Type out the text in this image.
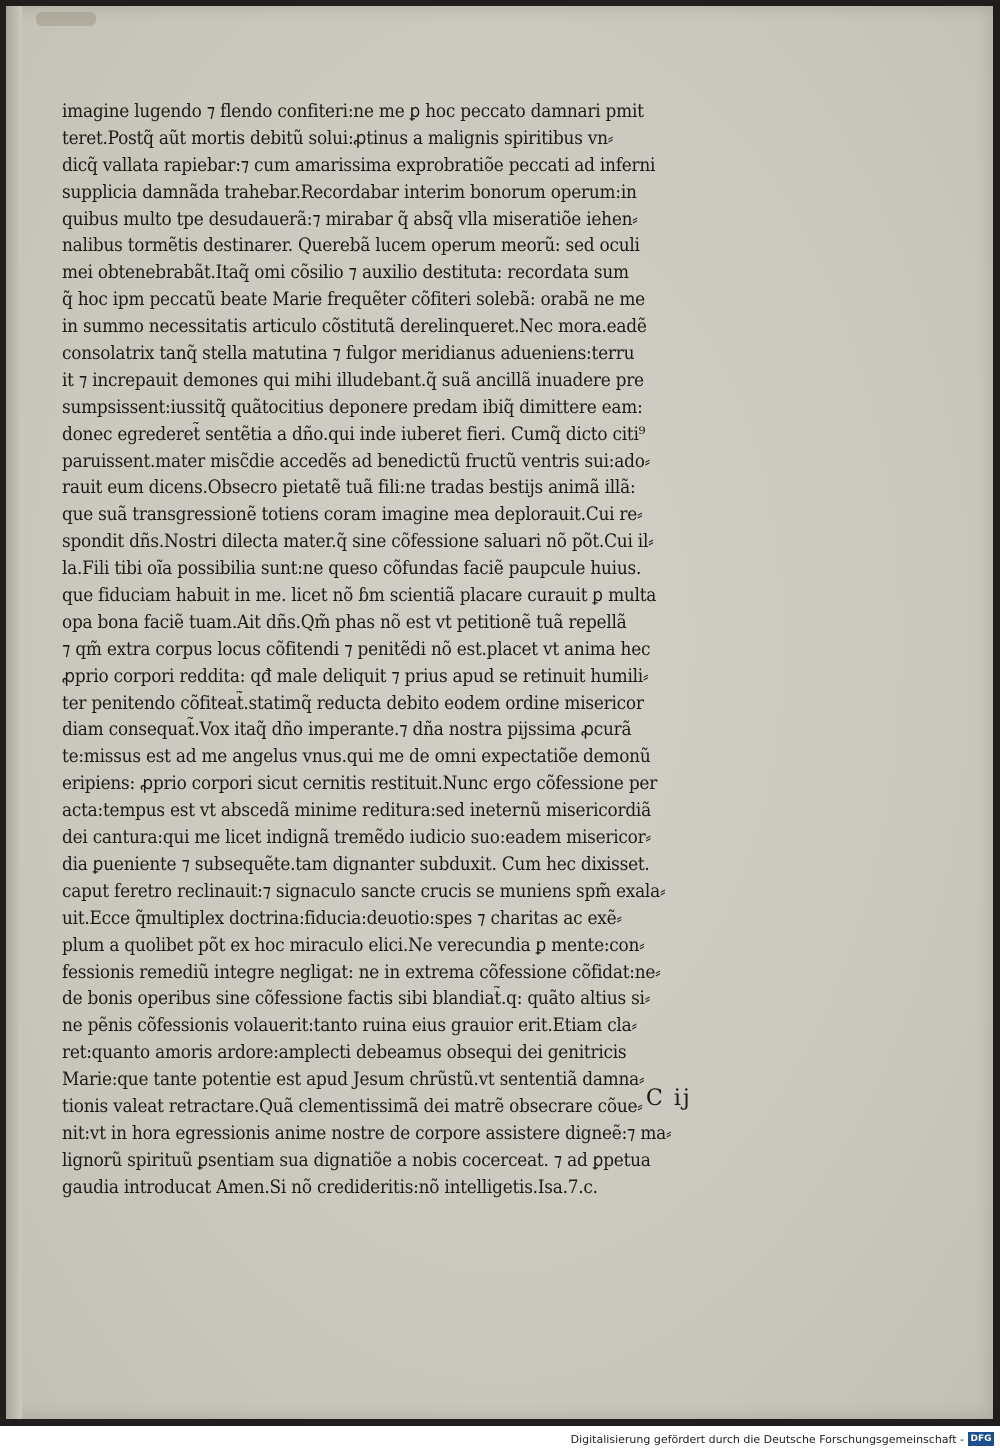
imagine lugendo ⁊ flendo confiteri:ne me ꝑ hoc peccato damnari pmit
teret.Postq̃ aũt mortis debitũ solui:ꝓtinus a malignis spiritibus vn⸗
dicq̃ vallata rapiebar:⁊ cum amarissima exprobratiõe peccati ad inferni
supplicia damnãda trahebar.Recordabar interim bonorum operum:in
quibus multo tpe desudauerã:⁊ mirabar q̃ absq̃ vlla miseratiõe iehen⸗
nalibus tormẽtis destinarer. Querebã lucem operum meorũ: sed oculi
mei obtenebrabãt.Itaq̃ omi cõsilio ⁊ auxilio destituta: recordata sum
q̃ hoc ipm peccatũ beate Marie frequẽter cõfiteri solebã: orabã ne me
in summo necessitatis articulo cõstitutã derelinqueret.Nec mora.eadẽ
consolatrix tanq̃ stella matutina ⁊ fulgor meridianus adueniens:terru
it ⁊ increpauit demones qui mihi illudebant.q̃ suã ancillã inuadere pre
sumpsissent:iussitq̃ quãtocitius deponere predam ibiq̃ dimittere eam:
donec egrederet̃ sentẽtia a dño.qui inde iuberet fieri. Cumq̃ dicto citi⁹
paruissent.mater misc̃die accedẽs ad benedictũ fructũ ventris sui:ado⸗
rauit eum dicens.Obsecro pietatẽ tuã fili:ne tradas bestijs animã illã:
que suã transgressionẽ totiens coram imagine mea deplorauit.Cui re⸗
spondit dñs.Nostri dilecta mater.q̃ sine cõfessione saluari nõ põt.Cui il⸗
la.Fili tibi oĩa possibilia sunt:ne queso cõfundas faciẽ paupcule huius.
que fiduciam habuit in me. licet nõ ɓm scientiã placare curauit ꝑ multa
opa bona faciẽ tuam.Ait dñs.Qm̃ phas nõ est vt petitionẽ tuã repellã
⁊ qm̃ extra corpus locus cõfitendi ⁊ penitẽdi nõ est.placet vt anima hec
ꝓprio corpori reddita: qđ male deliquit ⁊ prius apud se retinuit humili⸗
ter penitendo cõfiteat̃.statimq̃ reducta debito eodem ordine misericor
diam consequat̃.Vox itaq̃ dño imperante.⁊ dña nostra pijssima ꝓcurã
te:missus est ad me angelus vnus.qui me de omni expectatiõe demonũ
eripiens: ꝓprio corpori sicut cernitis restituit.Nunc ergo cõfessione per
acta:tempus est vt abscedã minime reditura:sed ineternũ misericordiã
dei cantura:qui me licet indignã tremẽdo iudicio suo:eadem misericor⸗
dia ꝑueniente ⁊ subsequẽte.tam dignanter subduxit. Cum hec dixisset.
caput feretro reclinauit:⁊ signaculo sancte crucis se muniens spm̃ exala⸗
uit.Ecce q̃multiplex doctrina:fiducia:deuotio:spes ⁊ charitas ac exẽ⸗
plum a quolibet põt ex hoc miraculo elici.Ne verecundia ꝑ mente:con⸗
fessionis remediũ integre negligat: ne in extrema cõfessione cõfidat:ne⸗
de bonis operibus sine cõfessione factis sibi blandiat̃.q: quãto altius si⸗
ne pẽnis cõfessionis volauerit:tanto ruina eius grauior erit.Etiam cla⸗
ret:quanto amoris ardore:amplecti debeamus obsequi dei genitricis
Marie:que tante potentie est apud Jesum chrũstũ.vt sententiã damna⸗
tionis valeat retractare.Quã clementissimã dei matrẽ obsecrare cõue⸗
nit:vt in hora egressionis anime nostre de corpore assistere digneẽ:⁊ ma⸗
lignorũ spirituũ ꝑsentiam sua dignatiõe a nobis cocerceat. ⁊ ad ꝑpetua
gaudia introducat Amen.Si nõ credideritis:nõ intelligetis.Isa.7.c.
C ij
Digitalisierung gefördert durch die Deutsche Forschungsgemeinschaft - DFG
